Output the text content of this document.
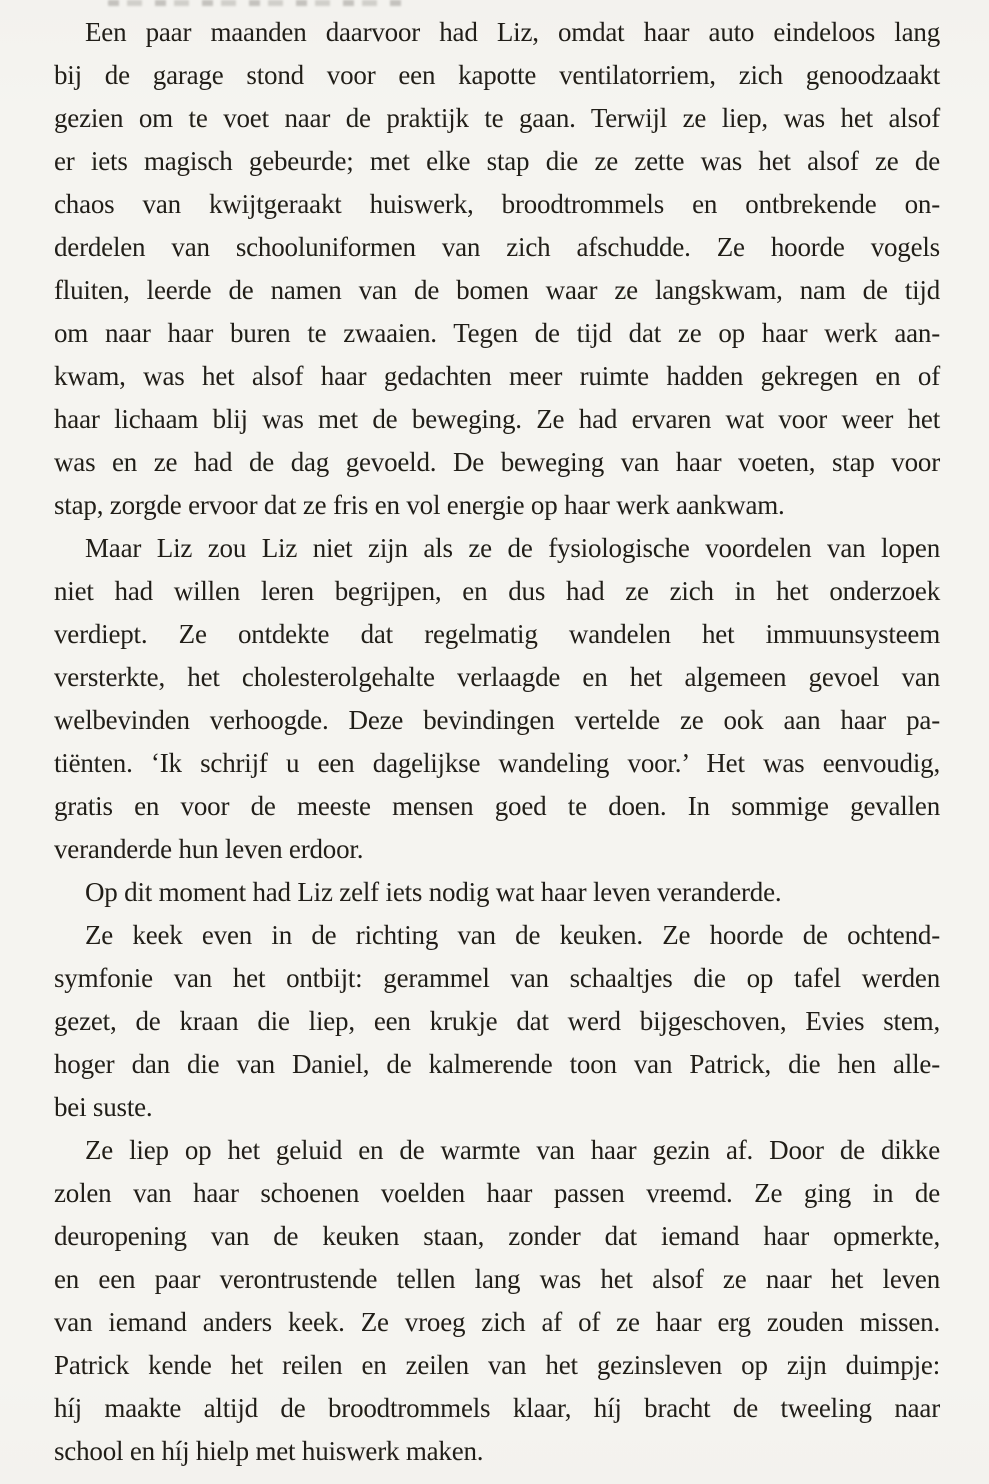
Een paar maanden daarvoor had Liz, omdat haar auto eindeloos lang
bij de garage stond voor een kapotte ventilatorriem, zich genoodzaakt
gezien om te voet naar de praktijk te gaan. Terwijl ze liep, was het alsof
er iets magisch gebeurde; met elke stap die ze zette was het alsof ze de
chaos van kwijtgeraakt huiswerk, broodtrommels en ontbrekende on-
derdelen van schooluniformen van zich afschudde. Ze hoorde vogels
fluiten, leerde de namen van de bomen waar ze langskwam, nam de tijd
om naar haar buren te zwaaien. Tegen de tijd dat ze op haar werk aan-
kwam, was het alsof haar gedachten meer ruimte hadden gekregen en of
haar lichaam blij was met de beweging. Ze had ervaren wat voor weer het
was en ze had de dag gevoeld. De beweging van haar voeten, stap voor
stap, zorgde ervoor dat ze fris en vol energie op haar werk aankwam.
Maar Liz zou Liz niet zijn als ze de fysiologische voordelen van lopen
niet had willen leren begrijpen, en dus had ze zich in het onderzoek
verdiept. Ze ontdekte dat regelmatig wandelen het immuunsysteem
versterkte, het cholesterolgehalte verlaagde en het algemeen gevoel van
welbevinden verhoogde. Deze bevindingen vertelde ze ook aan haar pa-
tiënten. ‘Ik schrijf u een dagelijkse wandeling voor.’ Het was eenvoudig,
gratis en voor de meeste mensen goed te doen. In sommige gevallen
veranderde hun leven erdoor.
Op dit moment had Liz zelf iets nodig wat haar leven veranderde.
Ze keek even in de richting van de keuken. Ze hoorde de ochtend-
symfonie van het ontbijt: gerammel van schaaltjes die op tafel werden
gezet, de kraan die liep, een krukje dat werd bijgeschoven, Evies stem,
hoger dan die van Daniel, de kalmerende toon van Patrick, die hen alle-
bei suste.
Ze liep op het geluid en de warmte van haar gezin af. Door de dikke
zolen van haar schoenen voelden haar passen vreemd. Ze ging in de
deuropening van de keuken staan, zonder dat iemand haar opmerkte,
en een paar verontrustende tellen lang was het alsof ze naar het leven
van iemand anders keek. Ze vroeg zich af of ze haar erg zouden missen.
Patrick kende het reilen en zeilen van het gezinsleven op zijn duimpje:
híj maakte altijd de broodtrommels klaar, híj bracht de tweeling naar
school en híj hielp met huiswerk maken.
